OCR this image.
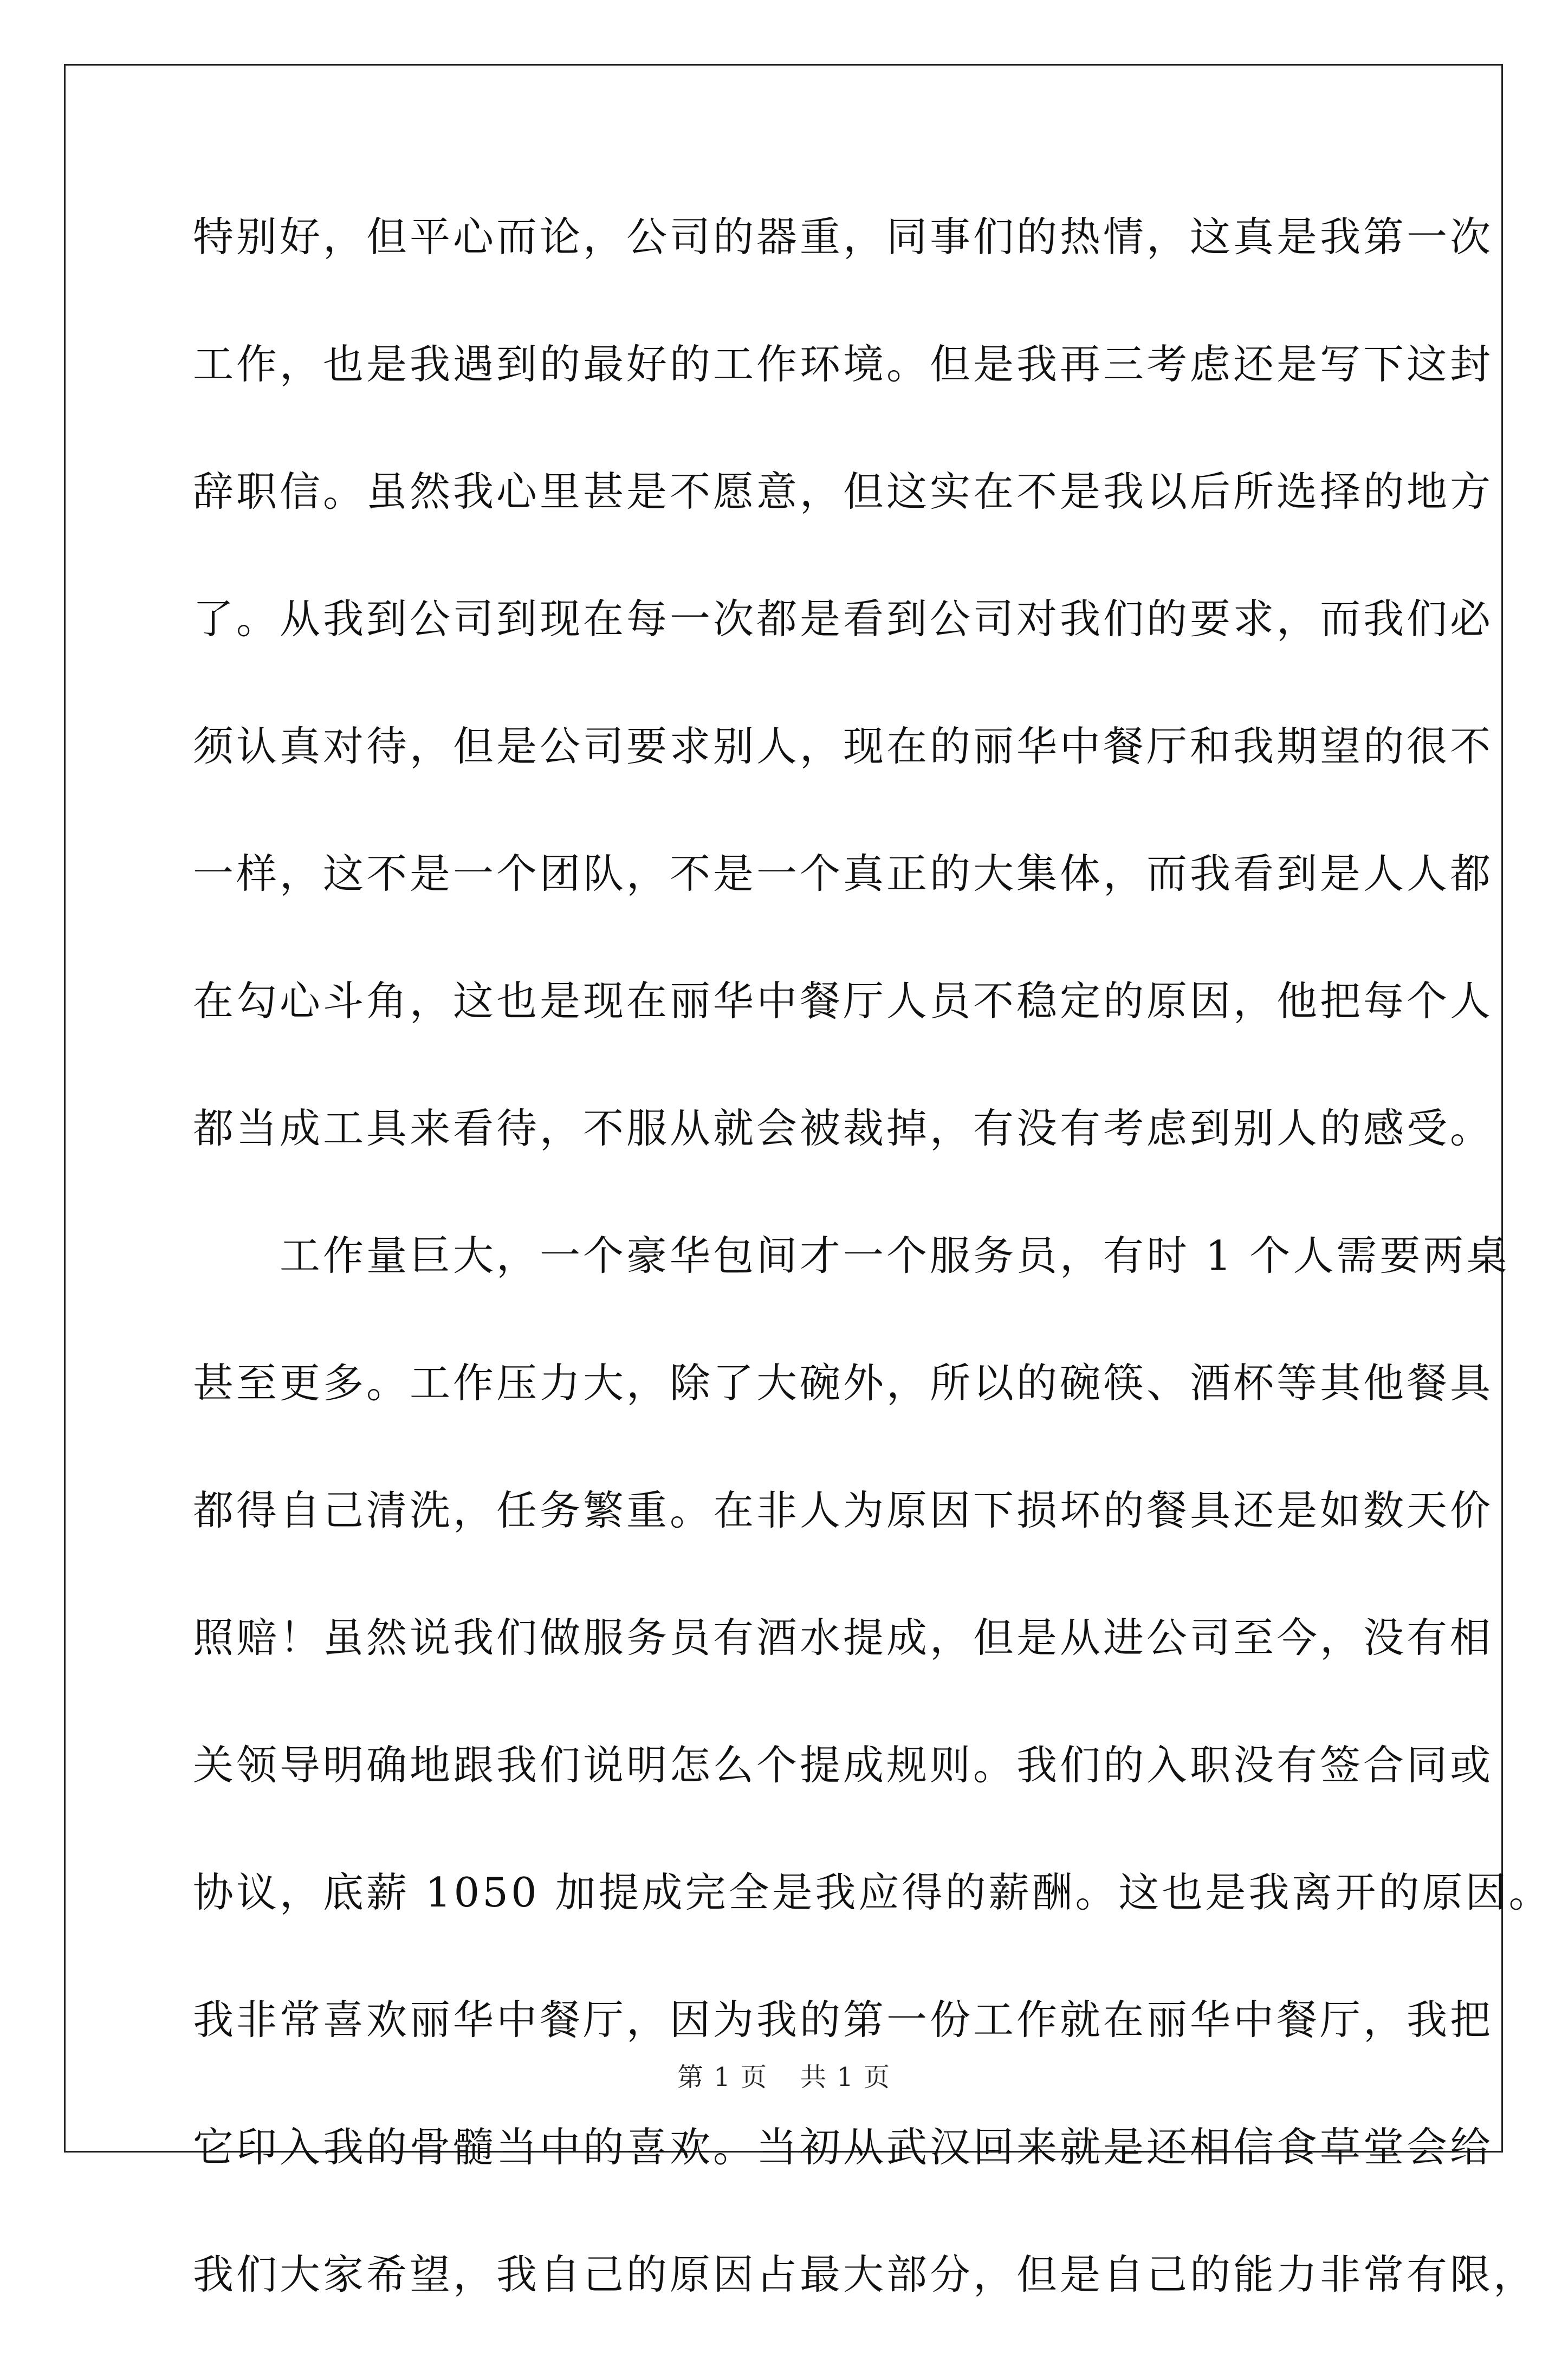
特别好，但平心而论，公司的器重，同事们的热情，这真是我第一次
工作，也是我遇到的最好的工作环境。但是我再三考虑还是写下这封
辞职信。虽然我心里甚是不愿意，但这实在不是我以后所选择的地方
了。从我到公司到现在每一次都是看到公司对我们的要求，而我们必
须认真对待，但是公司要求别人，现在的丽华中餐厅和我期望的很不
一样，这不是一个团队，不是一个真正的大集体，而我看到是人人都
在勾心斗角，这也是现在丽华中餐厅人员不稳定的原因，他把每个人
都当成工具来看待，不服从就会被裁掉，有没有考虑到别人的感受。
　　工作量巨大，一个豪华包间才一个服务员，有时 1 个人需要两桌
甚至更多。工作压力大，除了大碗外，所以的碗筷、酒杯等其他餐具
都得自己清洗，任务繁重。在非人为原因下损坏的餐具还是如数天价
照赔！虽然说我们做服务员有酒水提成，但是从进公司至今，没有相
关领导明确地跟我们说明怎么个提成规则。我们的入职没有签合同或
协议，底薪 1050 加提成完全是我应得的薪酬。这也是我离开的原因。
我非常喜欢丽华中餐厅，因为我的第一份工作就在丽华中餐厅，我把
它印入我的骨髓当中的喜欢。当初从武汉回来就是还相信食草堂会给
我们大家希望，我自己的原因占最大部分，但是自己的能力非常有限，
第 1 页 共 1 页
